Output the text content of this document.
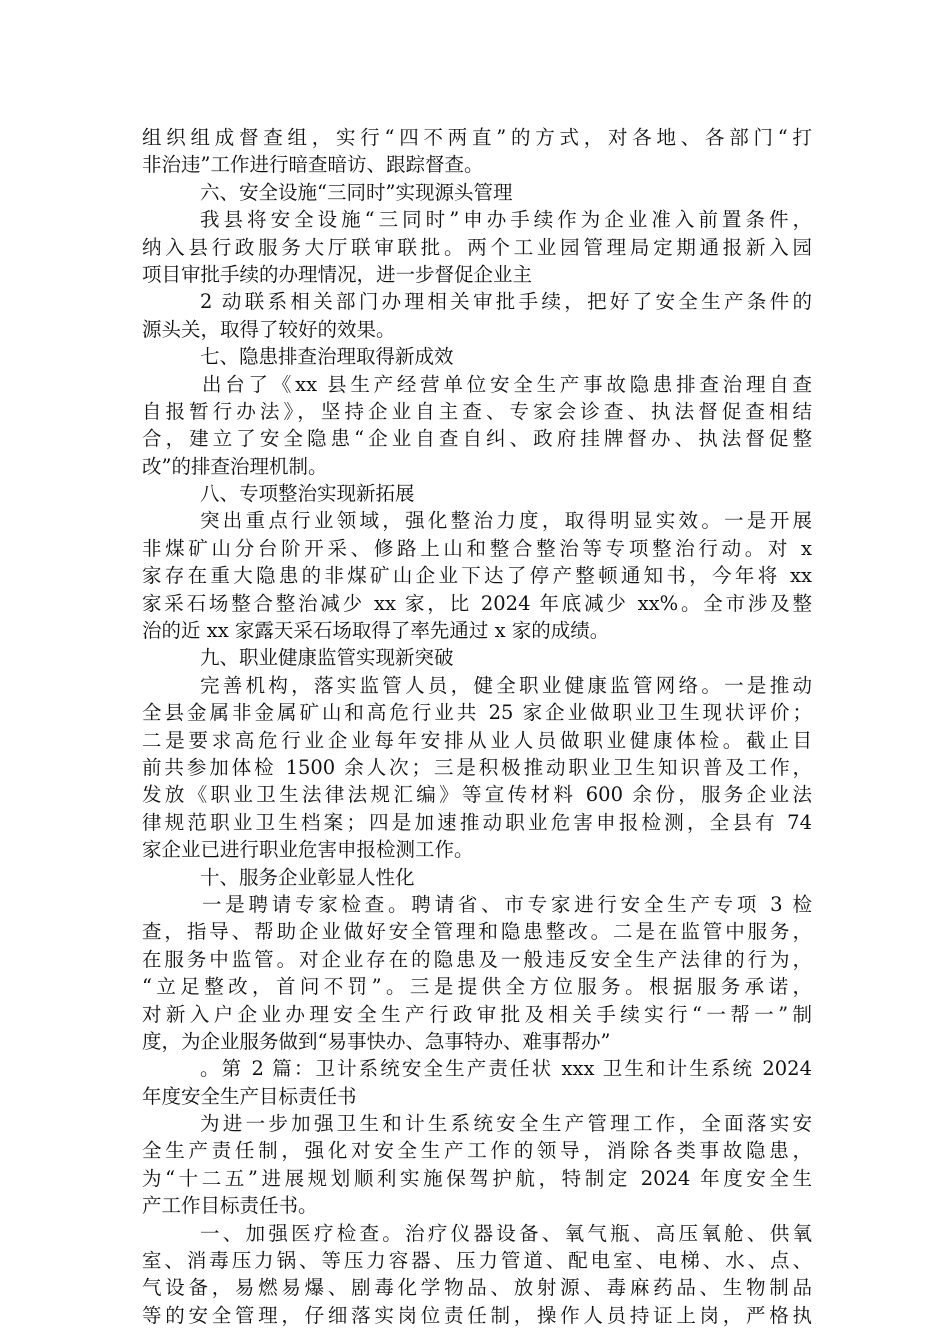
组织组成督查组，实行“四不两直”的方式，对各地、各部门“打
非治违”工作进行暗查暗访、跟踪督查。
六、安全设施“三同时”实现源头管理
我县将安全设施“三同时”申办手续作为企业准入前置条件，
纳入县行政服务大厅联审联批。两个工业园管理局定期通报新入园
项目审批手续的办理情况，进一步督促企业主
2 动联系相关部门办理相关审批手续，把好了安全生产条件的
源头关，取得了较好的效果。
七、隐患排查治理取得新成效
出台了《xx 县生产经营单位安全生产事故隐患排查治理自查
自报暂行办法》，坚持企业自主查、专家会诊查、执法督促查相结
合，建立了安全隐患“企业自查自纠、政府挂牌督办、执法督促整
改”的排查治理机制。
八、专项整治实现新拓展
突出重点行业领域，强化整治力度，取得明显实效。一是开展
非煤矿山分台阶开采、修路上山和整合整治等专项整治行动。对 x
家存在重大隐患的非煤矿山企业下达了停产整顿通知书，今年将 xx
家采石场整合整治减少 xx 家，比 2024 年底减少 xx%。全市涉及整
治的近 xx 家露天采石场取得了率先通过 x 家的成绩。
九、职业健康监管实现新突破
完善机构，落实监管人员，健全职业健康监管网络。一是推动
全县金属非金属矿山和高危行业共 25 家企业做职业卫生现状评价；
二是要求高危行业企业每年安排从业人员做职业健康体检。截止目
前共参加体检 1500 余人次；三是积极推动职业卫生知识普及工作，
发放《职业卫生法律法规汇编》等宣传材料 600 余份，服务企业法
律规范职业卫生档案；四是加速推动职业危害申报检测，全县有 74
家企业已进行职业危害申报检测工作。
十、服务企业彰显人性化
一是聘请专家检查。聘请省、市专家进行安全生产专项 3 检
查，指导、帮助企业做好安全管理和隐患整改。二是在监管中服务，
在服务中监管。对企业存在的隐患及一般违反安全生产法律的行为，
“立足整改，首问不罚”。三是提供全方位服务。根据服务承诺，
对新入户企业办理安全生产行政审批及相关手续实行“一帮一”制
度，为企业服务做到“易事快办、急事特办、难事帮办”
。第 2 篇：卫计系统安全生产责任状 xxx 卫生和计生系统 2024
年度安全生产目标责任书
为进一步加强卫生和计生系统安全生产管理工作，全面落实安
全生产责任制，强化对安全生产工作的领导，消除各类事故隐患，
为“十二五”进展规划顺利实施保驾护航，特制定 2024 年度安全生
产工作目标责任书。
一、加强医疗检查。治疗仪器设备、氧气瓶、高压氧舱、供氧
室、消毒压力锅、等压力容器、压力管道、配电室、电梯、水、点、
气设备，易燃易爆、剧毒化学物品、放射源、毒麻药品、生物制品
等的安全管理，仔细落实岗位责任制，操作人员持证上岗，严格执
